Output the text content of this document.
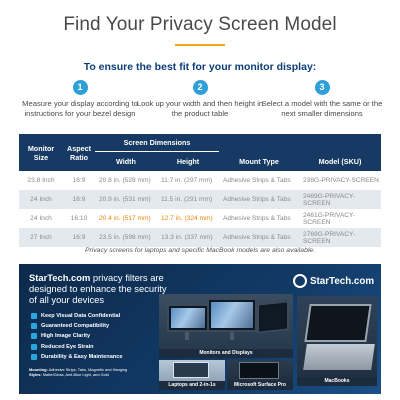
Find Your Privacy Screen Model
To ensure the best fit for your monitor display:
1
Measure your display according to instructions for your bezel design
2
Look up your width and then height in the product table
3
Select a model with the same or the next smaller dimensions
Monitor Size	Aspect Ratio	Screen Dimensions		Mount Type	Model (SKU)
		Width	Height		
23.8 Inch	16:9	20.8 in. (528 mm)	11.7 in. (297 mm)	Adhesive Strips & Tabs	238G-PRIVACY-SCREEN
24 Inch	16:9	20.9 in. (531 mm)	11.5 in. (291 mm)	Adhesive Strips & Tabs	2469G-PRIVACY-SCREEN
24 Inch	16:10	20.4 in. (517 mm)	12.7 in. (324 mm)	Adhesive Strips & Tabs	2461G-PRIVACY-SCREEN
27 Inch	16:9	23.5 in. (598 mm)	13.3 in. (337 mm)	Adhesive Strips & Tabs	2769G-PRIVACY-SCREEN
Privacy screens for laptops and specific MacBook models are also available.
StarTech.com privacy filters are designed to enhance the security of all your devices
Keep Visual Data Confidential
Guaranteed Compatibility
High Image Clarity
Reduced Eye Strain
Durability & Easy Maintenance
Mounting: Adhesive Strips, Tabs, Magnetic and Hanging
Styles: Matte/Gloss, Anti-Blue Light, and Gold
Monitors and Displays
StarTech.com
MacBooks
Laptops and 2-in-1s	Microsoft Surface Pro
